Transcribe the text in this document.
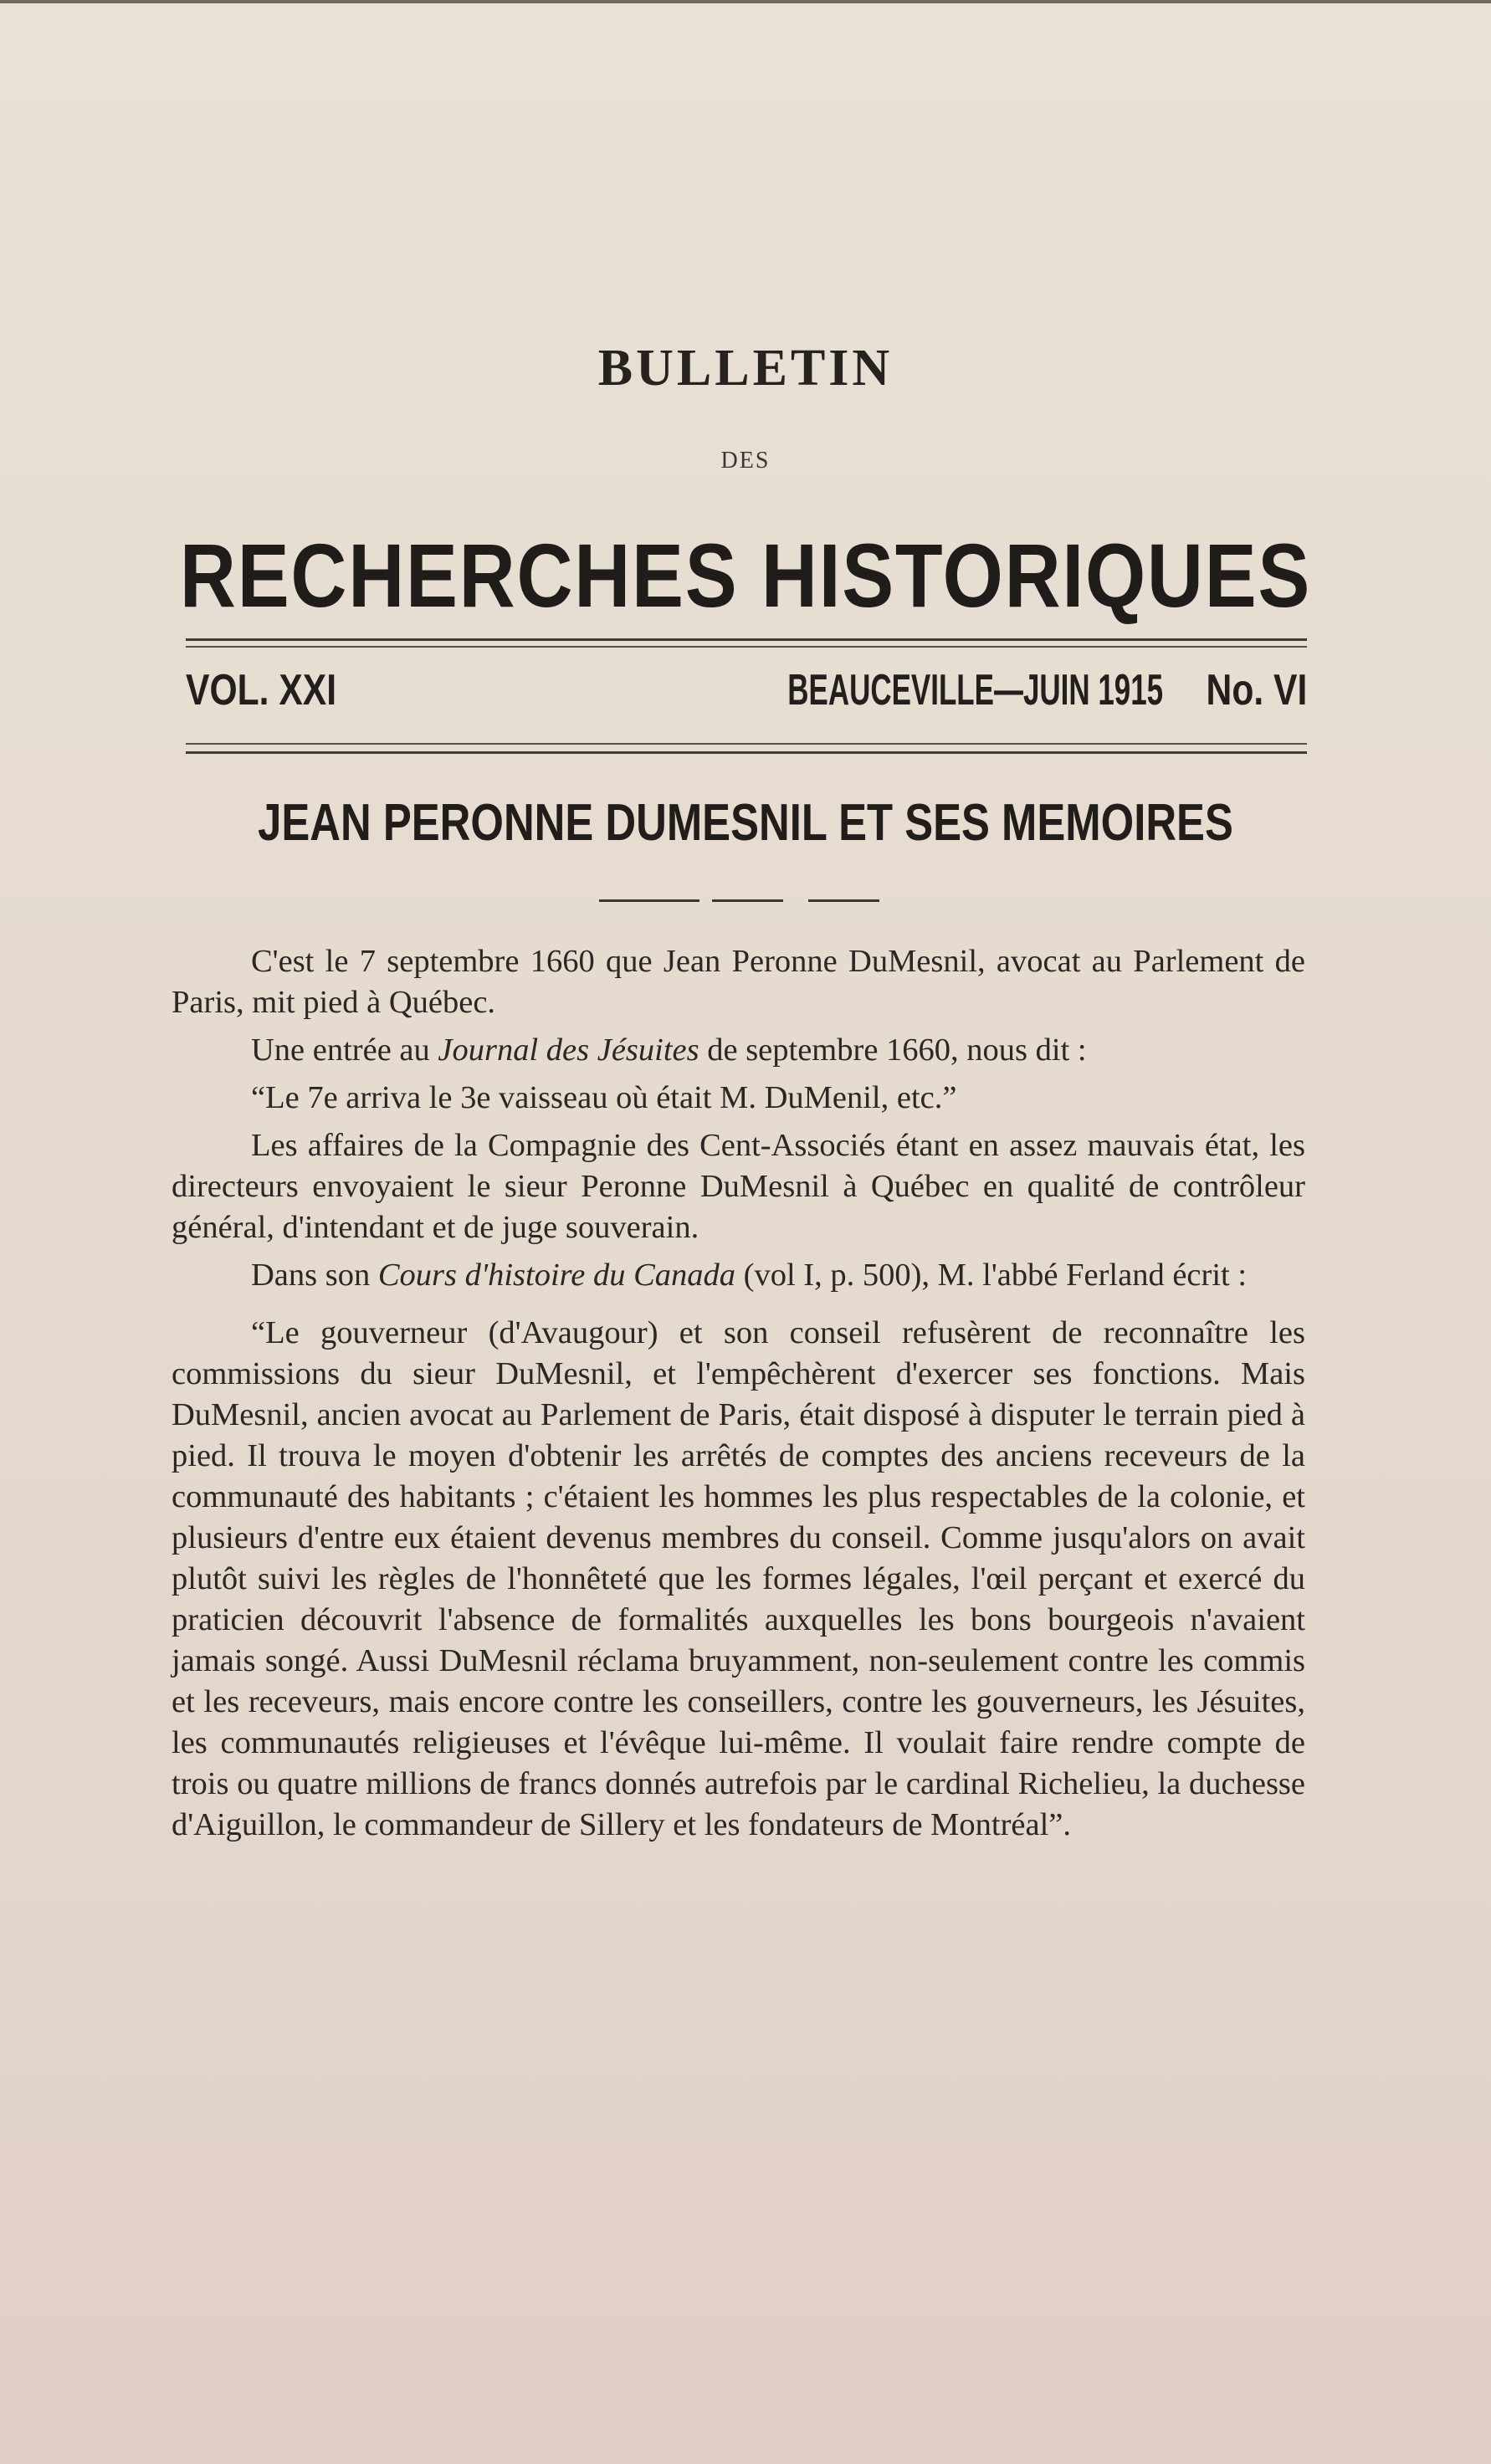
BULLETIN
DES
RECHERCHES HISTORIQUES
VOL. XXI	BEAUCEVILLE—JUIN 1915 No. VI
JEAN PERONNE DUMESNIL ET SES MEMOIRES

C'est le 7 septembre 1660 que Jean Peronne DuMesnil, avocat au Parlement de Paris, mit pied à Québec.

Une entrée au Journal des Jésuites de septembre 1660, nous dit :

“Le 7e arriva le 3e vaisseau où était M. DuMenil, etc.”

Les affaires de la Compagnie des Cent-Associés étant en assez mauvais état, les directeurs envoyaient le sieur Peronne DuMesnil à Québec en qualité de contrôleur général, d'intendant et de juge souverain.

Dans son Cours d'histoire du Canada (vol I, p. 500), M. l'abbé Ferland écrit :

“Le gouverneur (d'Avaugour) et son conseil refusèrent de reconnaître les commissions du sieur DuMesnil, et l'empêchèrent d'exercer ses fonctions. Mais DuMesnil, ancien avocat au Parlement de Paris, était disposé à disputer le terrain pied à pied. Il trouva le moyen d'obtenir les arrêtés de comptes des anciens receveurs de la communauté des habitants ; c'étaient les hommes les plus respectables de la colonie, et plusieurs d'entre eux étaient devenus membres du conseil. Comme jusqu'alors on avait plutôt suivi les règles de l'honnêteté que les formes légales, l'œil perçant et exercé du praticien découvrit l'absence de formalités auxquelles les bons bourgeois n'avaient jamais songé. Aussi DuMesnil réclama bruyamment, non-seulement contre les commis et les receveurs, mais encore contre les conseillers, contre les gouverneurs, les Jésuites, les communautés religieuses et l'évêque lui-même. Il voulait faire rendre compte de trois ou quatre millions de francs donnés autrefois par le cardinal Richelieu, la duchesse d'Aiguillon, le commandeur de Sillery et les fondateurs de Montréal”.
